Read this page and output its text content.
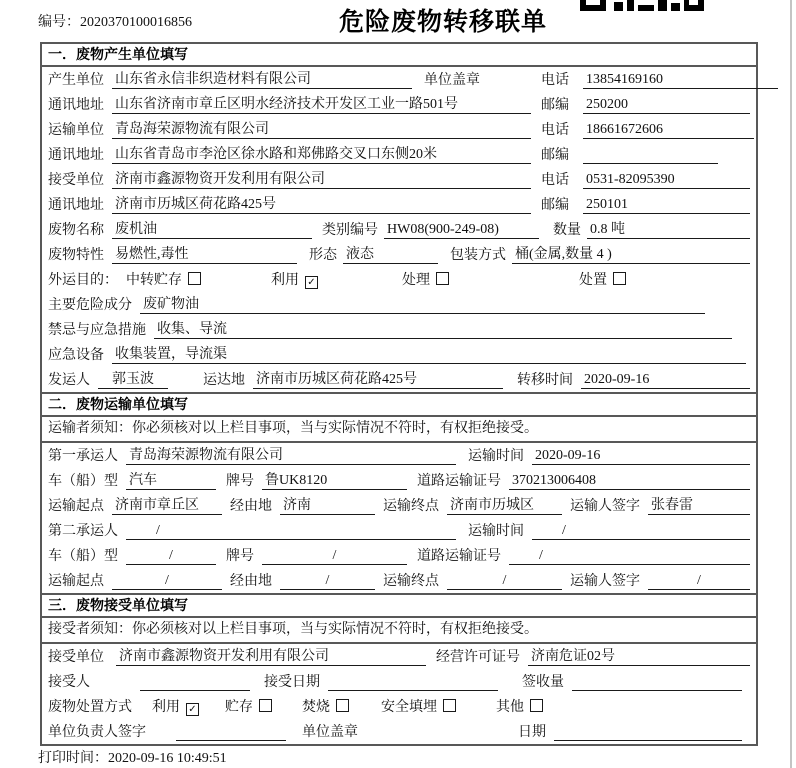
编号：2020370100016856	危险废物转移联单
一．废物产生单位填写
产生单位 山东省永信非织造材料有限公司	单位盖章	电话	13854169160
通讯地址 山东省济南市章丘区明水经济技术开发区工业一路501号	邮编	250200
运输单位 青岛海荣源物流有限公司	电话	18661672606
通讯地址 山东省青岛市李沧区徐水路和郑佛路交叉口东侧20米	邮编
接受单位 济南市鑫源物资开发利用有限公司	电话	0531-82095390
通讯地址 济南市历城区荷花路425号	邮编	250101
废物名称 废机油	类别编号 HW08(900-249-08)	数量 0.8 吨
废物特性 易燃性,毒性	形态 液态	包装方式 桶(金属,数量 4 )
外运目的： 中转贮存	利用 ✓	处理	处置
主要危险成分 废矿物油
禁忌与应急措施 收集、导流
应急设备 收集装置，导流渠
发运人	郭玉波	运达地 济南市历城区荷花路425号	转移时间 2020-09-16
二．废物运输单位填写
运输者须知：你必须核对以上栏目事项，当与实际情况不符时，有权拒绝接受。
第一承运人 青岛海荣源物流有限公司	运输时间 2020-09-16
车（船）型 汽车	牌号 鲁UK8120	道路运输证号 370213006408
运输起点 济南市章丘区	经由地 济南	运输终点 济南市历城区	运输人签字 张春雷
第二承运人	/	运输时间	/
车（船）型	/	牌号	/	道路运输证号	/
运输起点	/	经由地	/	运输终点	/	运输人签字	/
三．废物接受单位填写
接受者须知：你必须核对以上栏目事项，当与实际情况不符时，有权拒绝接受。
接受单位 济南市鑫源物资开发利用有限公司	经营许可证号 济南危证02号
接受人	接受日期	签收量
废物处置方式 利用 ✓ 贮存	焚烧	安全填埋	其他
单位负责人签字	单位盖章	日期
打印时间：2020-09-16 10:49:51
